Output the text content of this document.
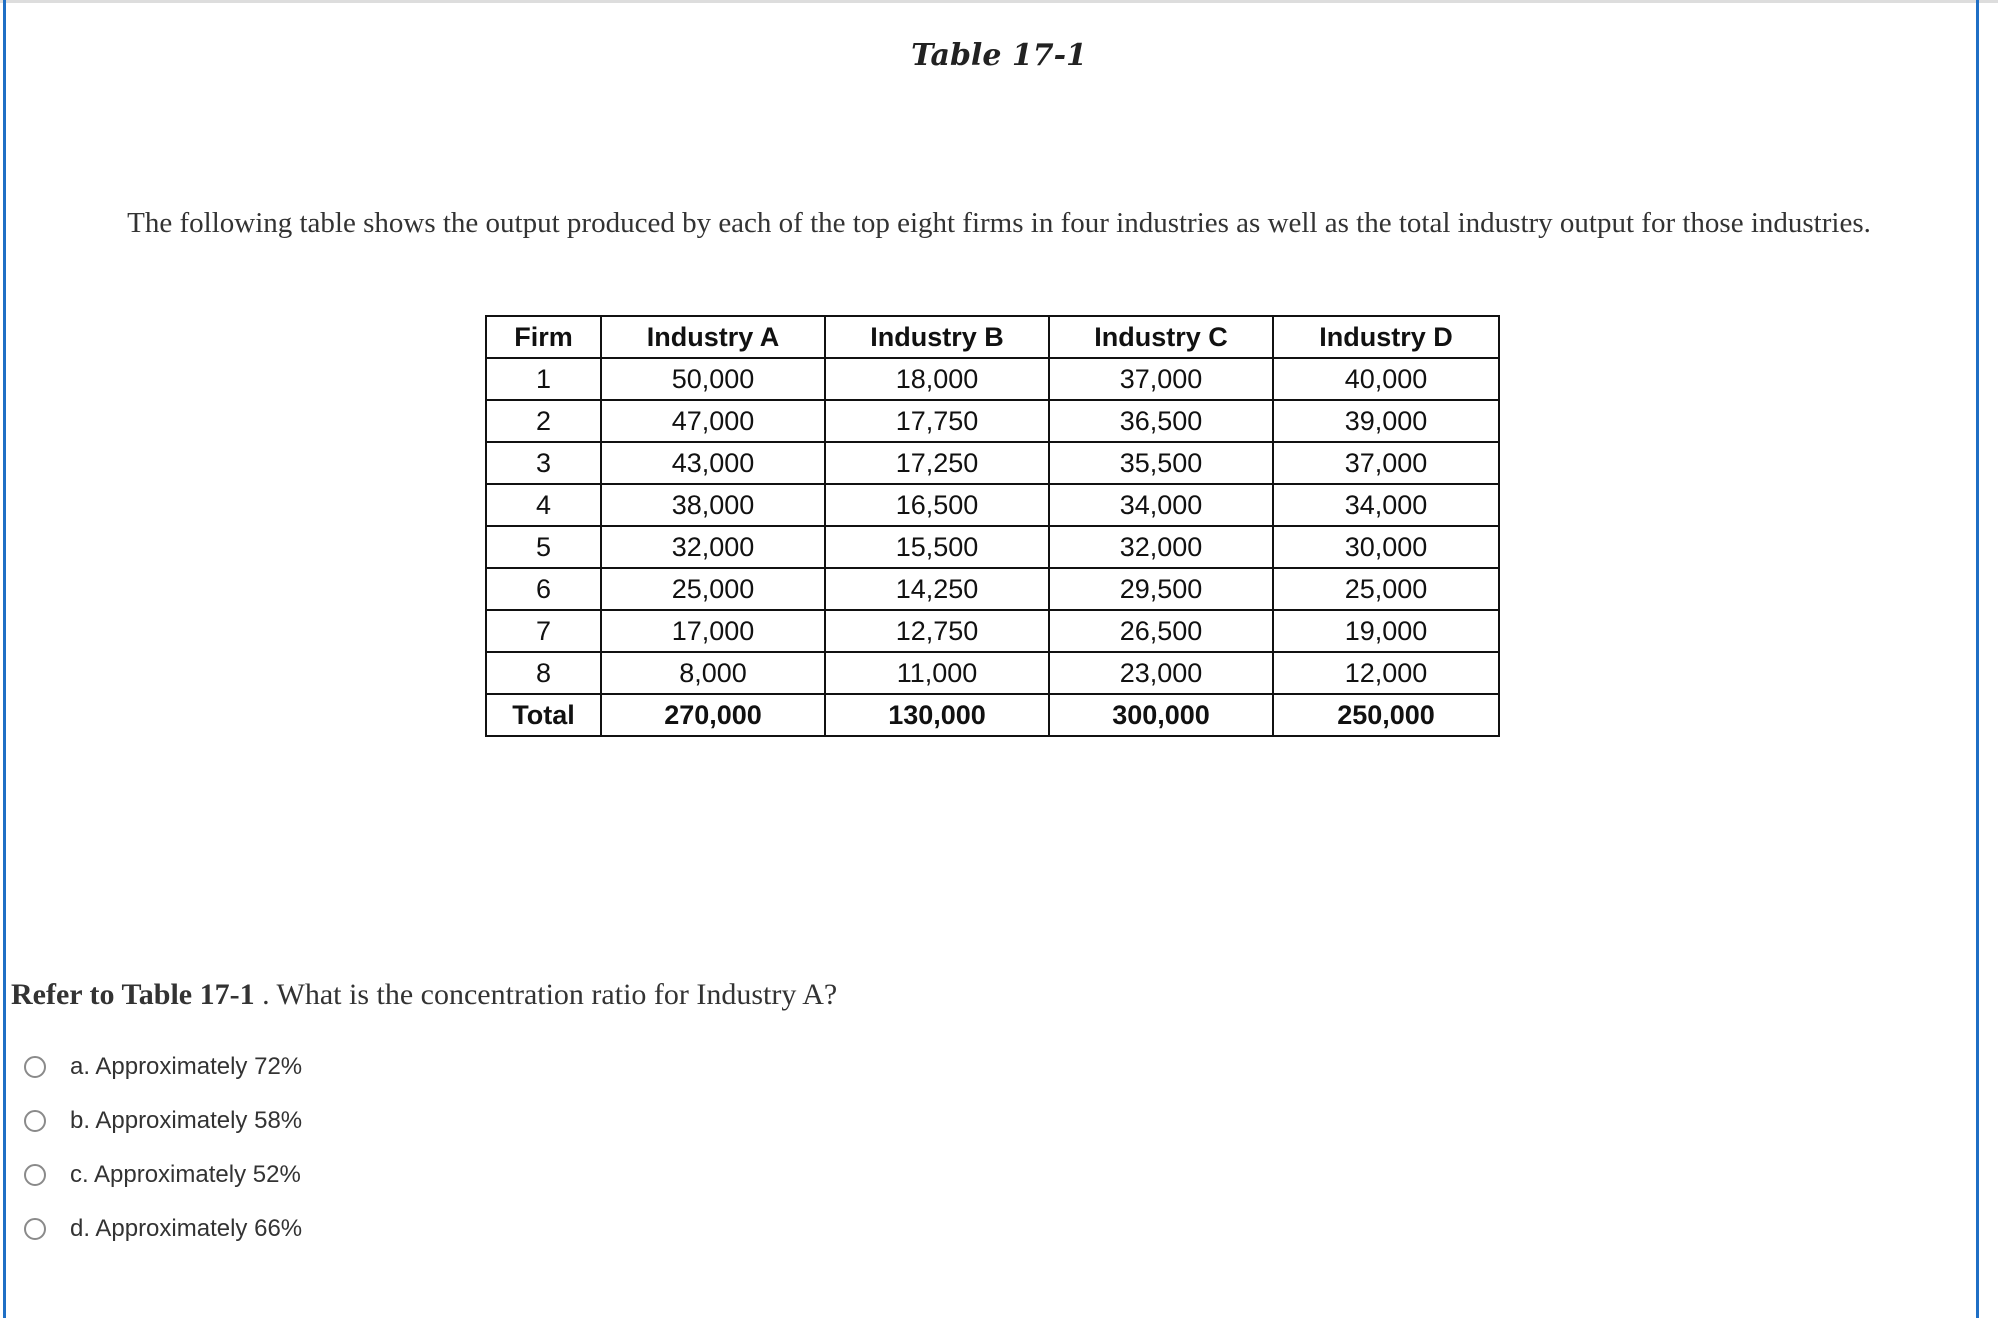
Table 17-1
The following table shows the output produced by each of the top eight firms in four industries as well as the total industry output for those industries.
Firm	Industry A	Industry B	Industry C	Industry D
1	50,000	18,000	37,000	40,000
2	47,000	17,750	36,500	39,000
3	43,000	17,250	35,500	37,000
4	38,000	16,500	34,000	34,000
5	32,000	15,500	32,000	30,000
6	25,000	14,250	29,500	25,000
7	17,000	12,750	26,500	19,000
8	8,000	11,000	23,000	12,000
Total	270,000	130,000	300,000	250,000
Refer to Table 17-1 . What is the concentration ratio for Industry A?
a. Approximately 72%
b. Approximately 58%
c. Approximately 52%
d. Approximately 66%
